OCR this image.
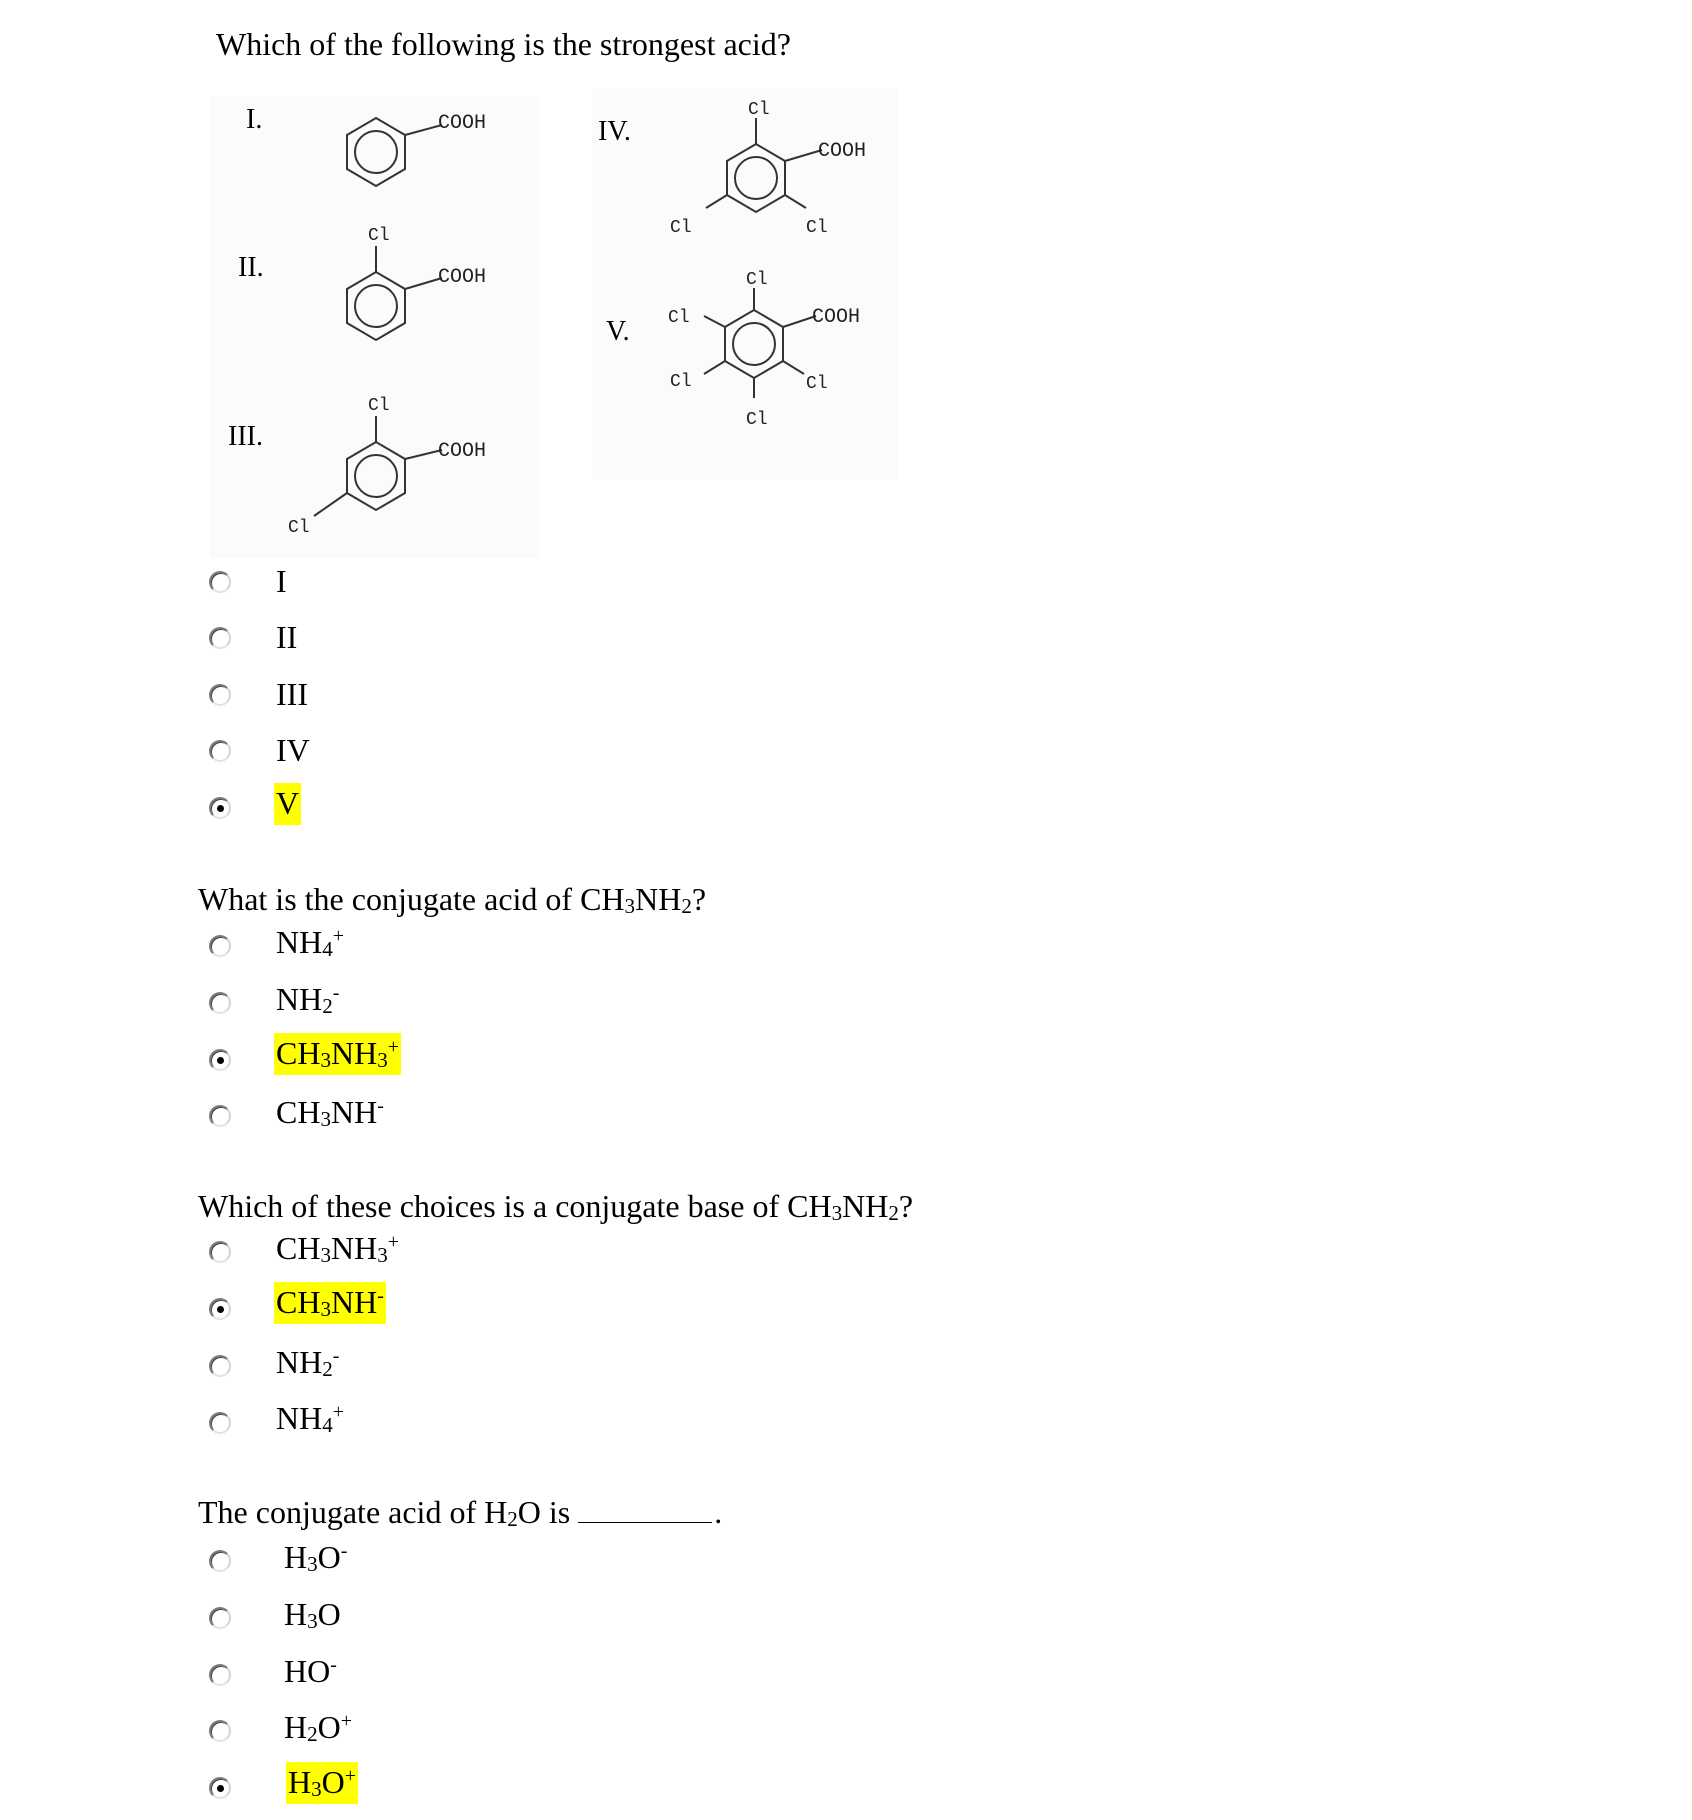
Which of the following is the strongest acid?
I.
II.
III.
IV.
V.
COOH
COOH
Cl
COOH
Cl
Cl
Cl
COOH
Cl
Cl
Cl
COOH
Cl
Cl	Cl
Cl
I
II
III
IV
V
What is the conjugate acid of $CH_3NH_2$?
$NH_4^+$
$NH_2^-$
$CH_3NH_3^+$
$CH_3NH^-$
Which of these choices is a conjugate base of $CH_3NH_2$?
$CH_3NH_3^+$
$CH_3NH^-$
$NH_2^-$
$NH_4^+$
The conjugate acid of $H_2O$ is	.
$H_3O^-$
$H_3O$
HO-
$H_2O^+$
$H_3O^+$
